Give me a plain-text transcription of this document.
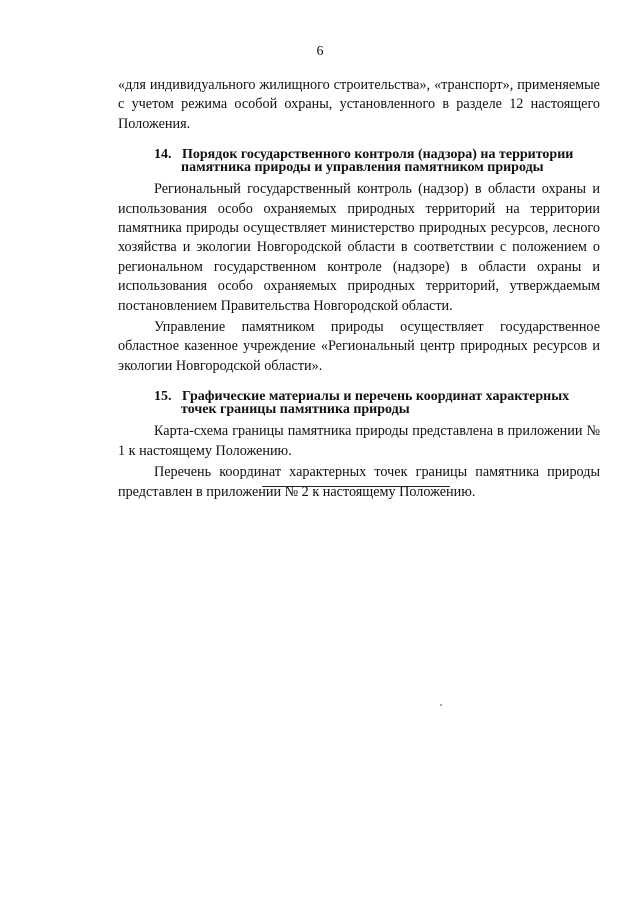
6

«для индивидуального жилищного строительства», «транспорт», применяемые с учетом режима особой охраны, установленного в разделе 12 настоящего Положения.

14. Порядок государственного контроля (надзора) на территории
памятника природы и управления памятником природы

Региональный государственный контроль (надзор) в области охраны и использования особо охраняемых природных территорий на территории памятника природы осуществляет министерство природных ресурсов, лесного хозяйства и экологии Новгородской области в соответствии с положением о региональном государственном контроле (надзоре) в области охраны и использования особо охраняемых природных территорий, утверждаемым постановлением Правительства Новгородской области.

Управление памятником природы осуществляет государственное областное казенное учреждение «Региональный центр природных ресурсов и экологии Новгородской области».

15. Графические материалы и перечень координат характерных
точек границы памятника природы

Карта-схема границы памятника природы представлена в приложении № 1 к настоящему Положению.

Перечень координат характерных точек границы памятника природы представлен в приложении № 2 к настоящему Положению.
